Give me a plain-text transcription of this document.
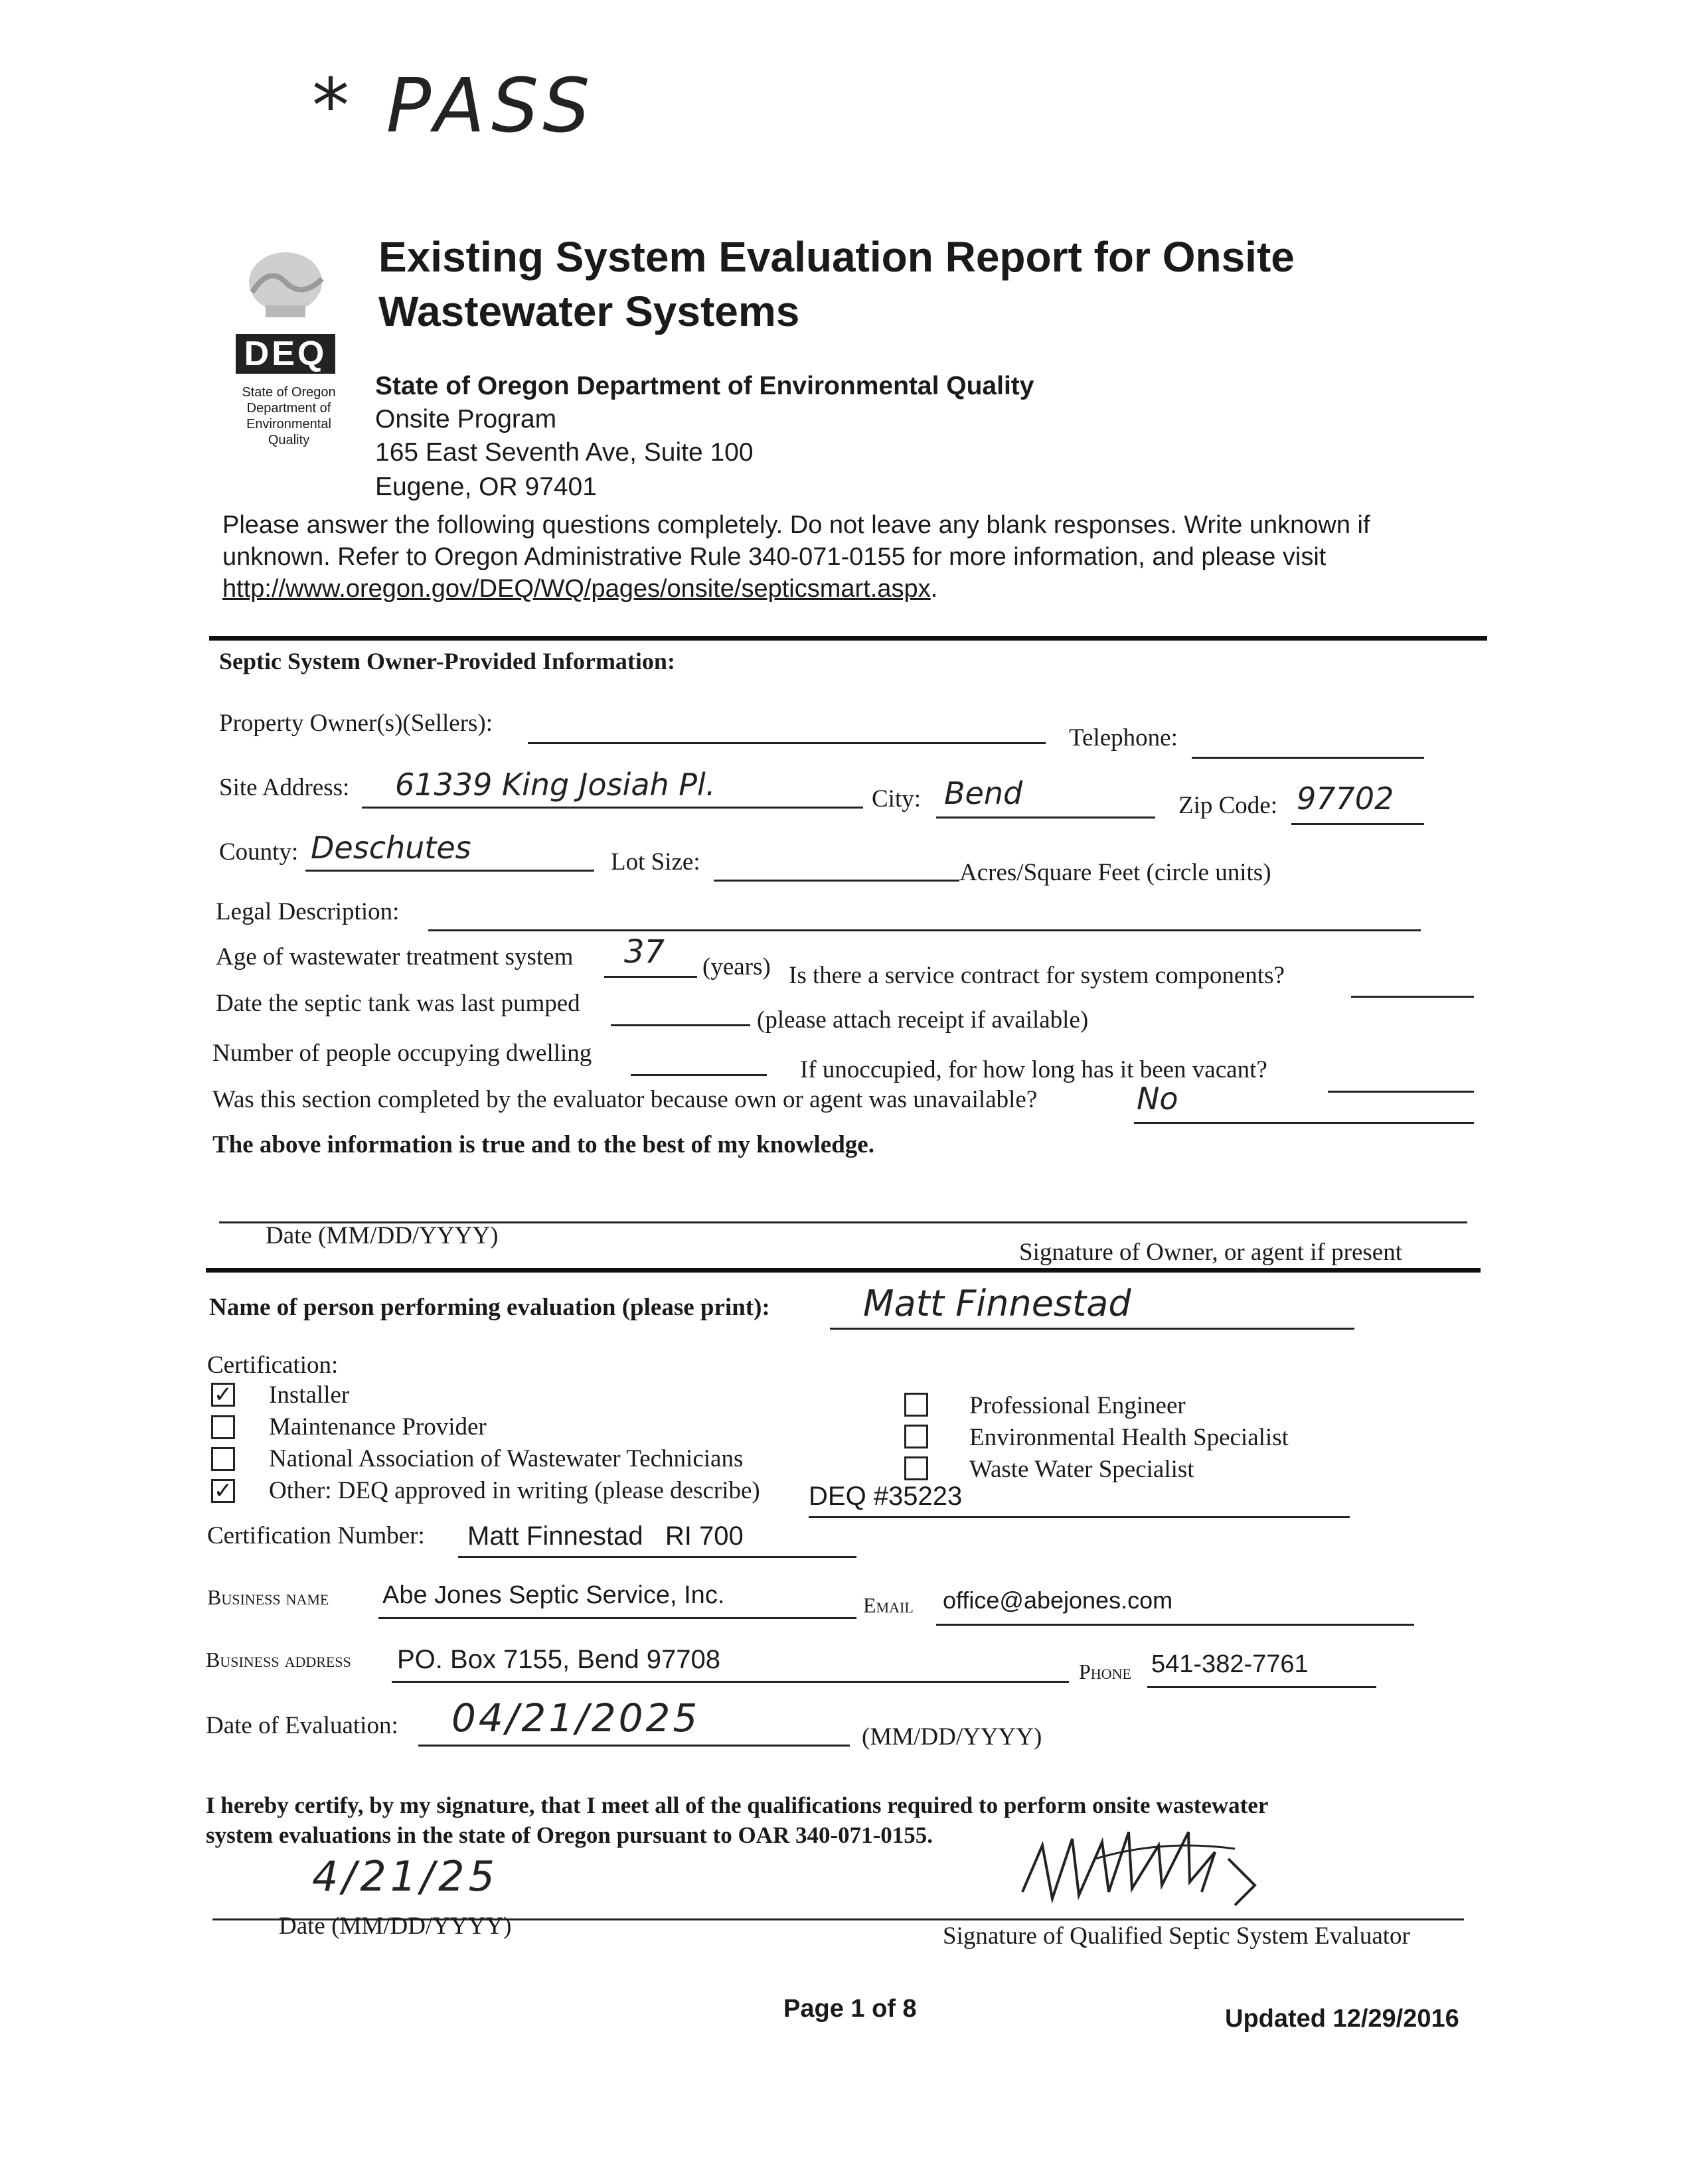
* PASS
DEQ
State of Oregon
Department of
Environmental
Quality
Existing System Evaluation Report for Onsite
Wastewater Systems
State of Oregon Department of Environmental Quality
Onsite Program
165 East Seventh Ave, Suite 100
Eugene, OR 97401
Please answer the following questions completely. Do not leave any blank responses. Write unknown if
unknown. Refer to Oregon Administrative Rule 340-071-0155 for more information, and please visit
http://www.oregon.gov/DEQ/WQ/pages/onsite/septicsmart.aspx.
Septic System Owner-Provided Information:
Property Owner(s)(Sellers):
Telephone:
Site Address:	61339 King Josiah Pl.	City: Bend	Zip Code: 97702
County: Deschutes	Lot Size:	Acres/Square Feet (circle units)
Legal Description:
Age of wastewater treatment system	37	(years) Is there a service contract for system components?
Date the septic tank was last pumped
(please attach receipt if available)
Number of people occupying dwelling
If unoccupied, for how long has it been vacant?
Was this section completed by the evaluator because own or agent was unavailable?	No
The above information is true and to the best of my knowledge.
Date (MM/DD/YYYY)
Signature of Owner, or agent if present
Name of person performing evaluation (please print):	Matt Finnestad
Certification:
✓ Installer
Maintenance Provider
National Association of Wastewater Technicians
✓ Other: DEQ approved in writing (please describe) DEQ #35223
Professional Engineer
Environmental Health Specialist
Waste Water Specialist
Certification Number:	Matt Finnestad   RI 700
Business name Abe Jones Septic Service, Inc.	Email office@abejones.com
Business address PO. Box 7155, Bend 97708	Phone 541-382-7761
Date of Evaluation:	04/21/2025	(MM/DD/YYYY)
I hereby certify, by my signature, that I meet all of the qualifications required to perform onsite wastewater
system evaluations in the state of Oregon pursuant to OAR 340-071-0155.
4/21/25
Date (MM/DD/YYYY)	Signature of Qualified Septic System Evaluator
Page 1 of 8	Updated 12/29/2016
